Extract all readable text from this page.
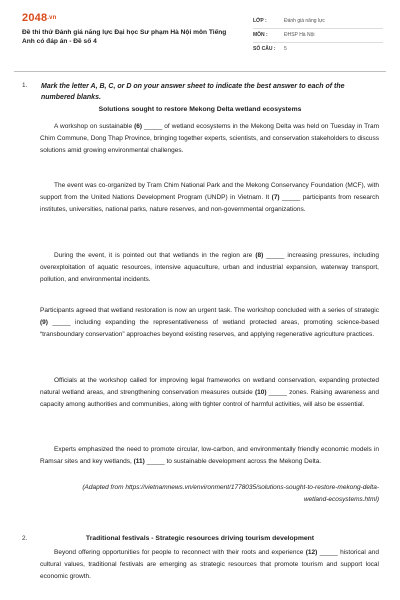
2048.vn
Đề thi thử Đánh giá năng lực Đại học Sư phạm Hà Nội môn Tiếng Anh có đáp án - Đề số 4
LỚP :	Đánh giá năng lực
MÔN :	ĐHSP Hà Nội
SỐ CÂU : 5
1. Mark the letter A, B, C, or D on your answer sheet to indicate the best answer to each of the numbered blanks.
Solutions sought to restore Mekong Delta wetland ecosystems
A workshop on sustainable (6) _____ of wetland ecosystems in the Mekong Delta was held on Tuesday in Tram Chim Commune, Dong Thap Province, bringing together experts, scientists, and conservation stakeholders to discuss solutions amid growing environmental challenges.
The event was co-organized by Tram Chim National Park and the Mekong Conservancy Foundation (MCF), with support from the United Nations Development Program (UNDP) in Vietnam. It (7) _____ participants from research institutes, universities, national parks, nature reserves, and non-governmental organizations.
During the event, it is pointed out that wetlands in the region are (8) _____ increasing pressures, including overexploitation of aquatic resources, intensive aquaculture, urban and industrial expansion, waterway transport, pollution, and environmental incidents.
Participants agreed that wetland restoration is now an urgent task. The workshop concluded with a series of strategic (9) _____ including expanding the representativeness of wetland protected areas, promoting science-based “transboundary conservation” approaches beyond existing reserves, and applying regenerative agriculture practices.
Officials at the workshop called for improving legal frameworks on wetland conservation, expanding protected natural wetland areas, and strengthening conservation measures outside (10) _____ zones. Raising awareness and capacity among authorities and communities, along with tighter control of harmful activities, will also be essential.
Experts emphasized the need to promote circular, low-carbon, and environmentally friendly economic models in Ramsar sites and key wetlands, (11) _____ to sustainable development across the Mekong Delta.
(Adapted from https://vietnamnews.vn/environment/1778035/solutions-sought-to-restore-mekong-delta-wetland-ecosystems.html)
2.	Traditional festivals - Strategic resources driving tourism development
Beyond offering opportunities for people to reconnect with their roots and experience (12) _____ historical and cultural values, traditional festivals are emerging as strategic resources that promote tourism and support local economic growth.
